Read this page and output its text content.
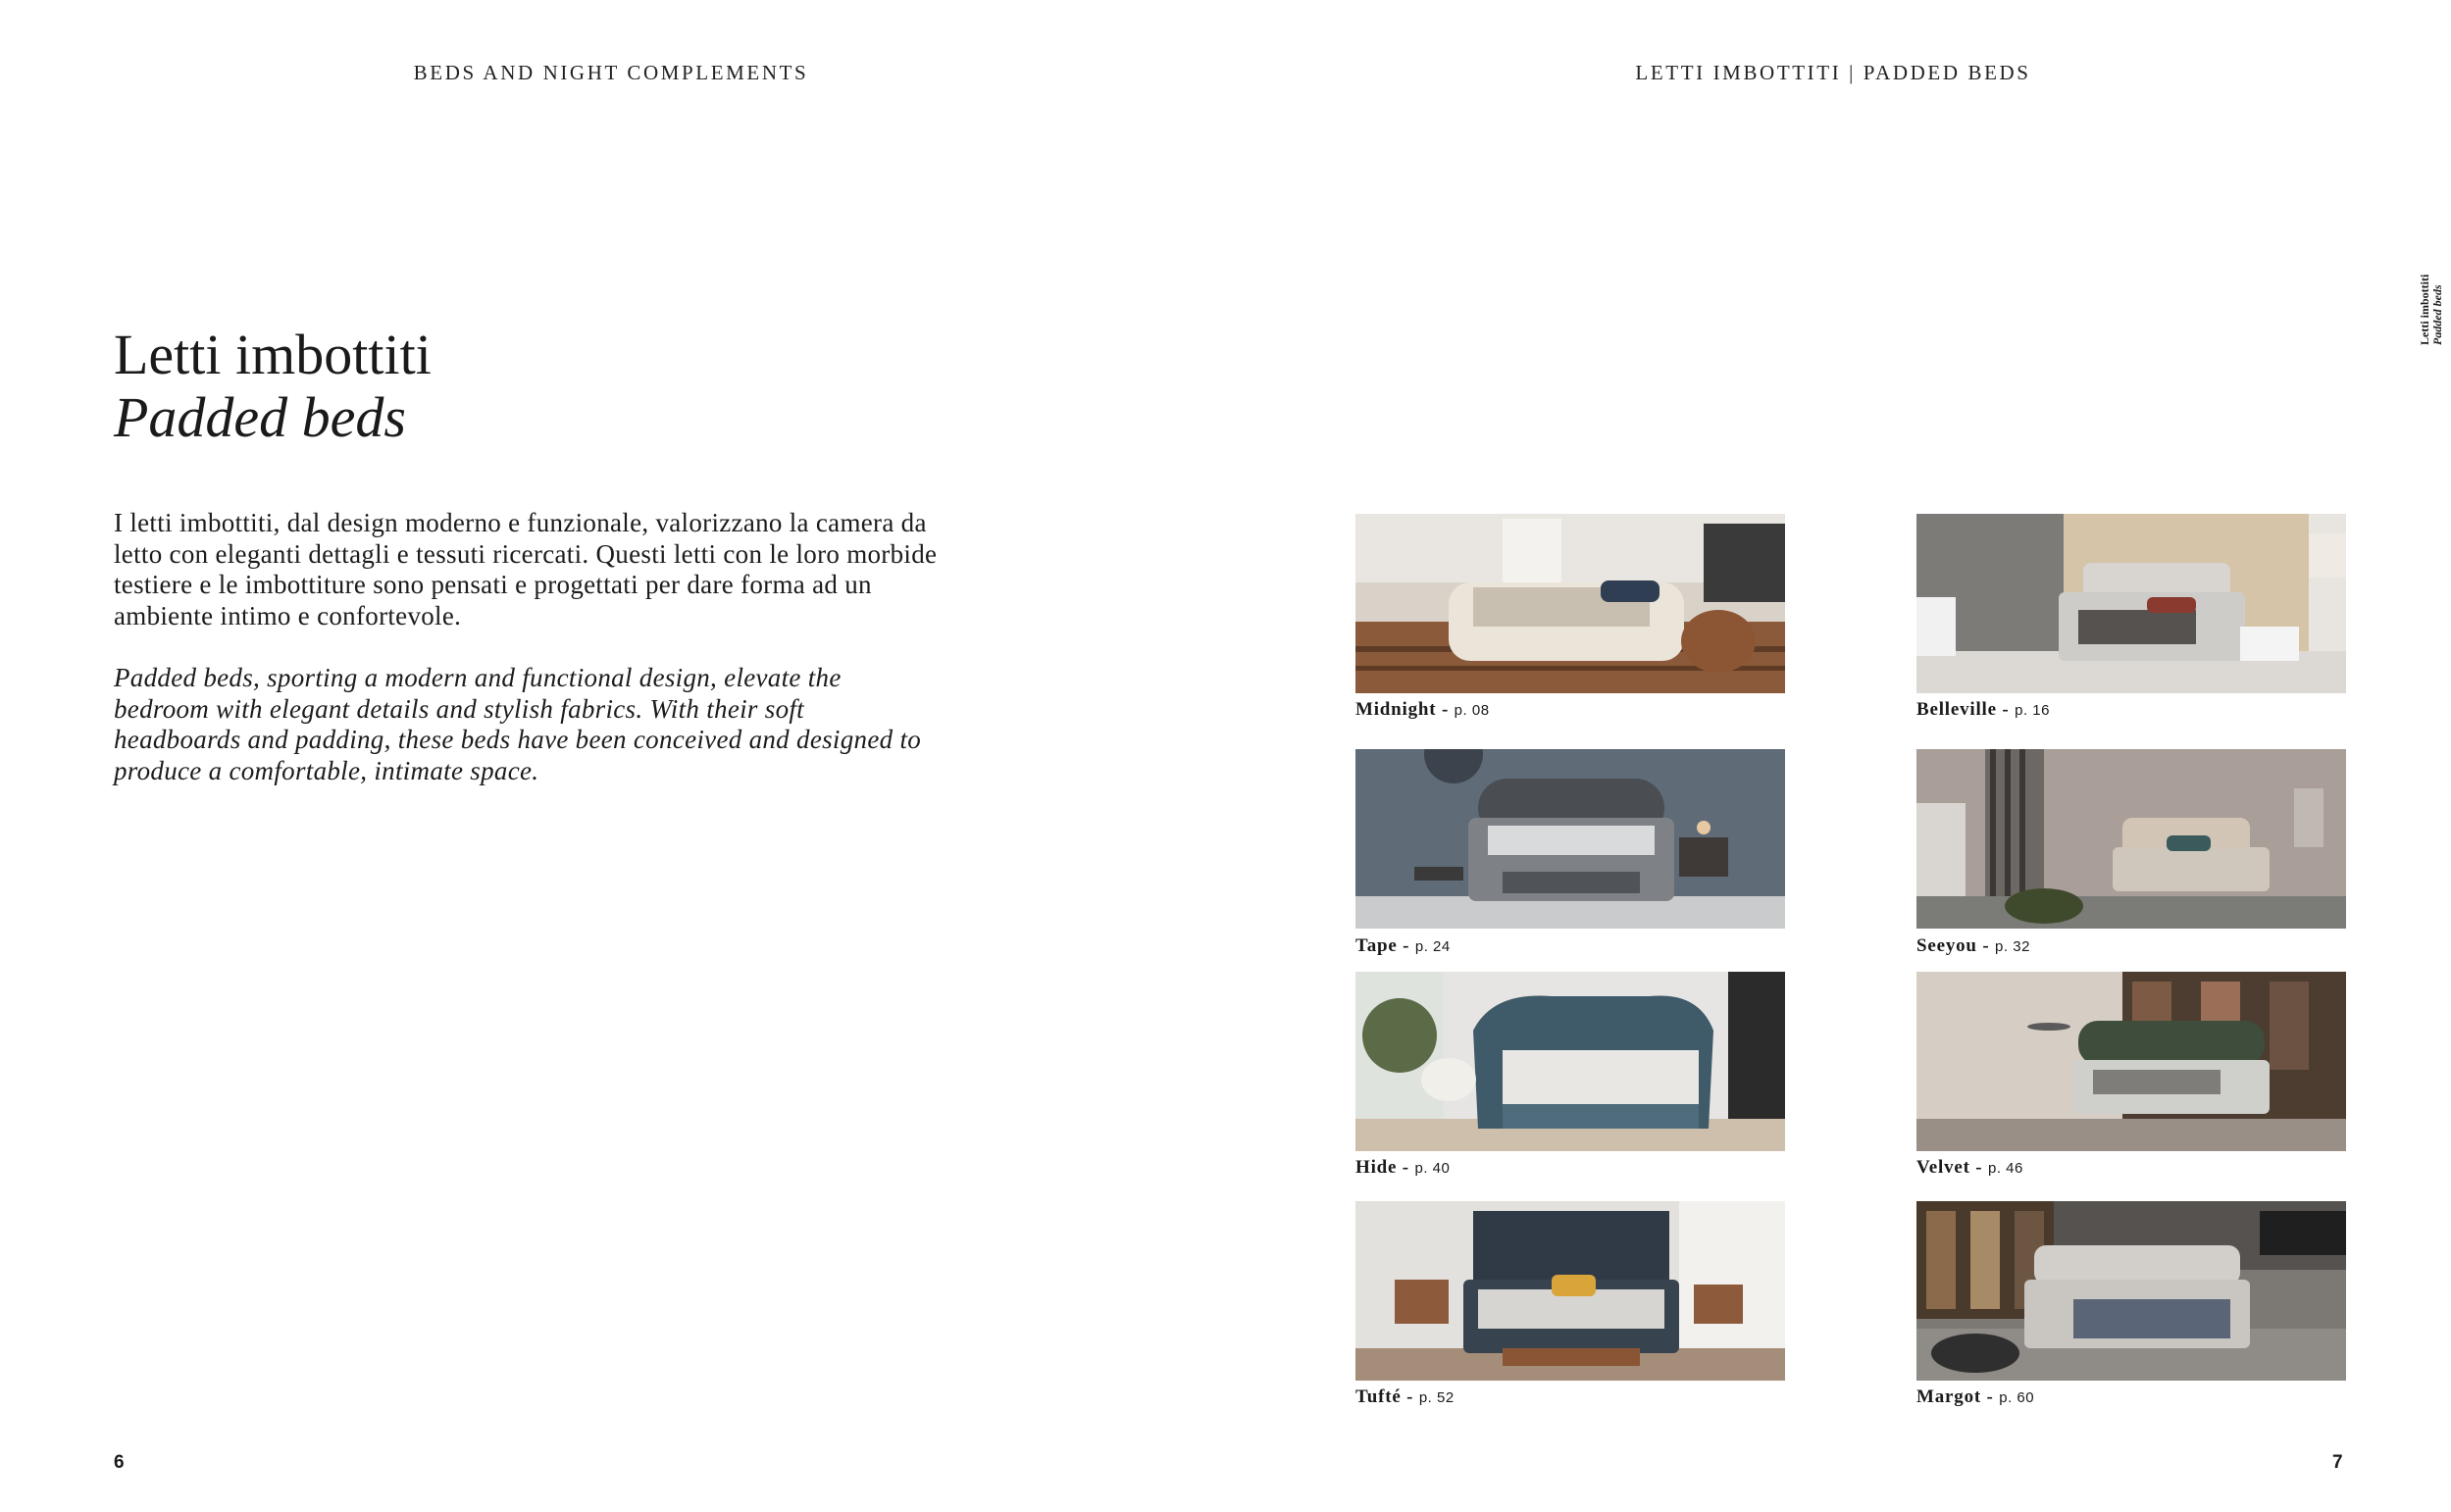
BEDS AND NIGHT COMPLEMENTS	LETTI IMBOTTITI | PADDED BEDS
Letti imbottiti Padded beds
Letti imbottiti
Padded beds

I letti imbottiti, dal design moderno e funzionale, valorizzano la camera da letto con eleganti dettagli e tessuti ricercati. Questi letti con le loro morbide testiere e le imbottiture sono pensati e progettati per dare forma ad un ambiente intimo e confortevole.

Padded beds, sporting a modern and functional design, elevate the bedroom with elegant details and stylish fabrics. With their soft headboards and padding, these beds have been conceived and designed to produce a comfortable, intimate space.

Midnight - p. 08	Belleville - p. 16
Tape - p. 24	Seeyou - p. 32
Hide - p. 40	Velvet - p. 46
Tufté - p. 52	Margot - p. 60
6	7
